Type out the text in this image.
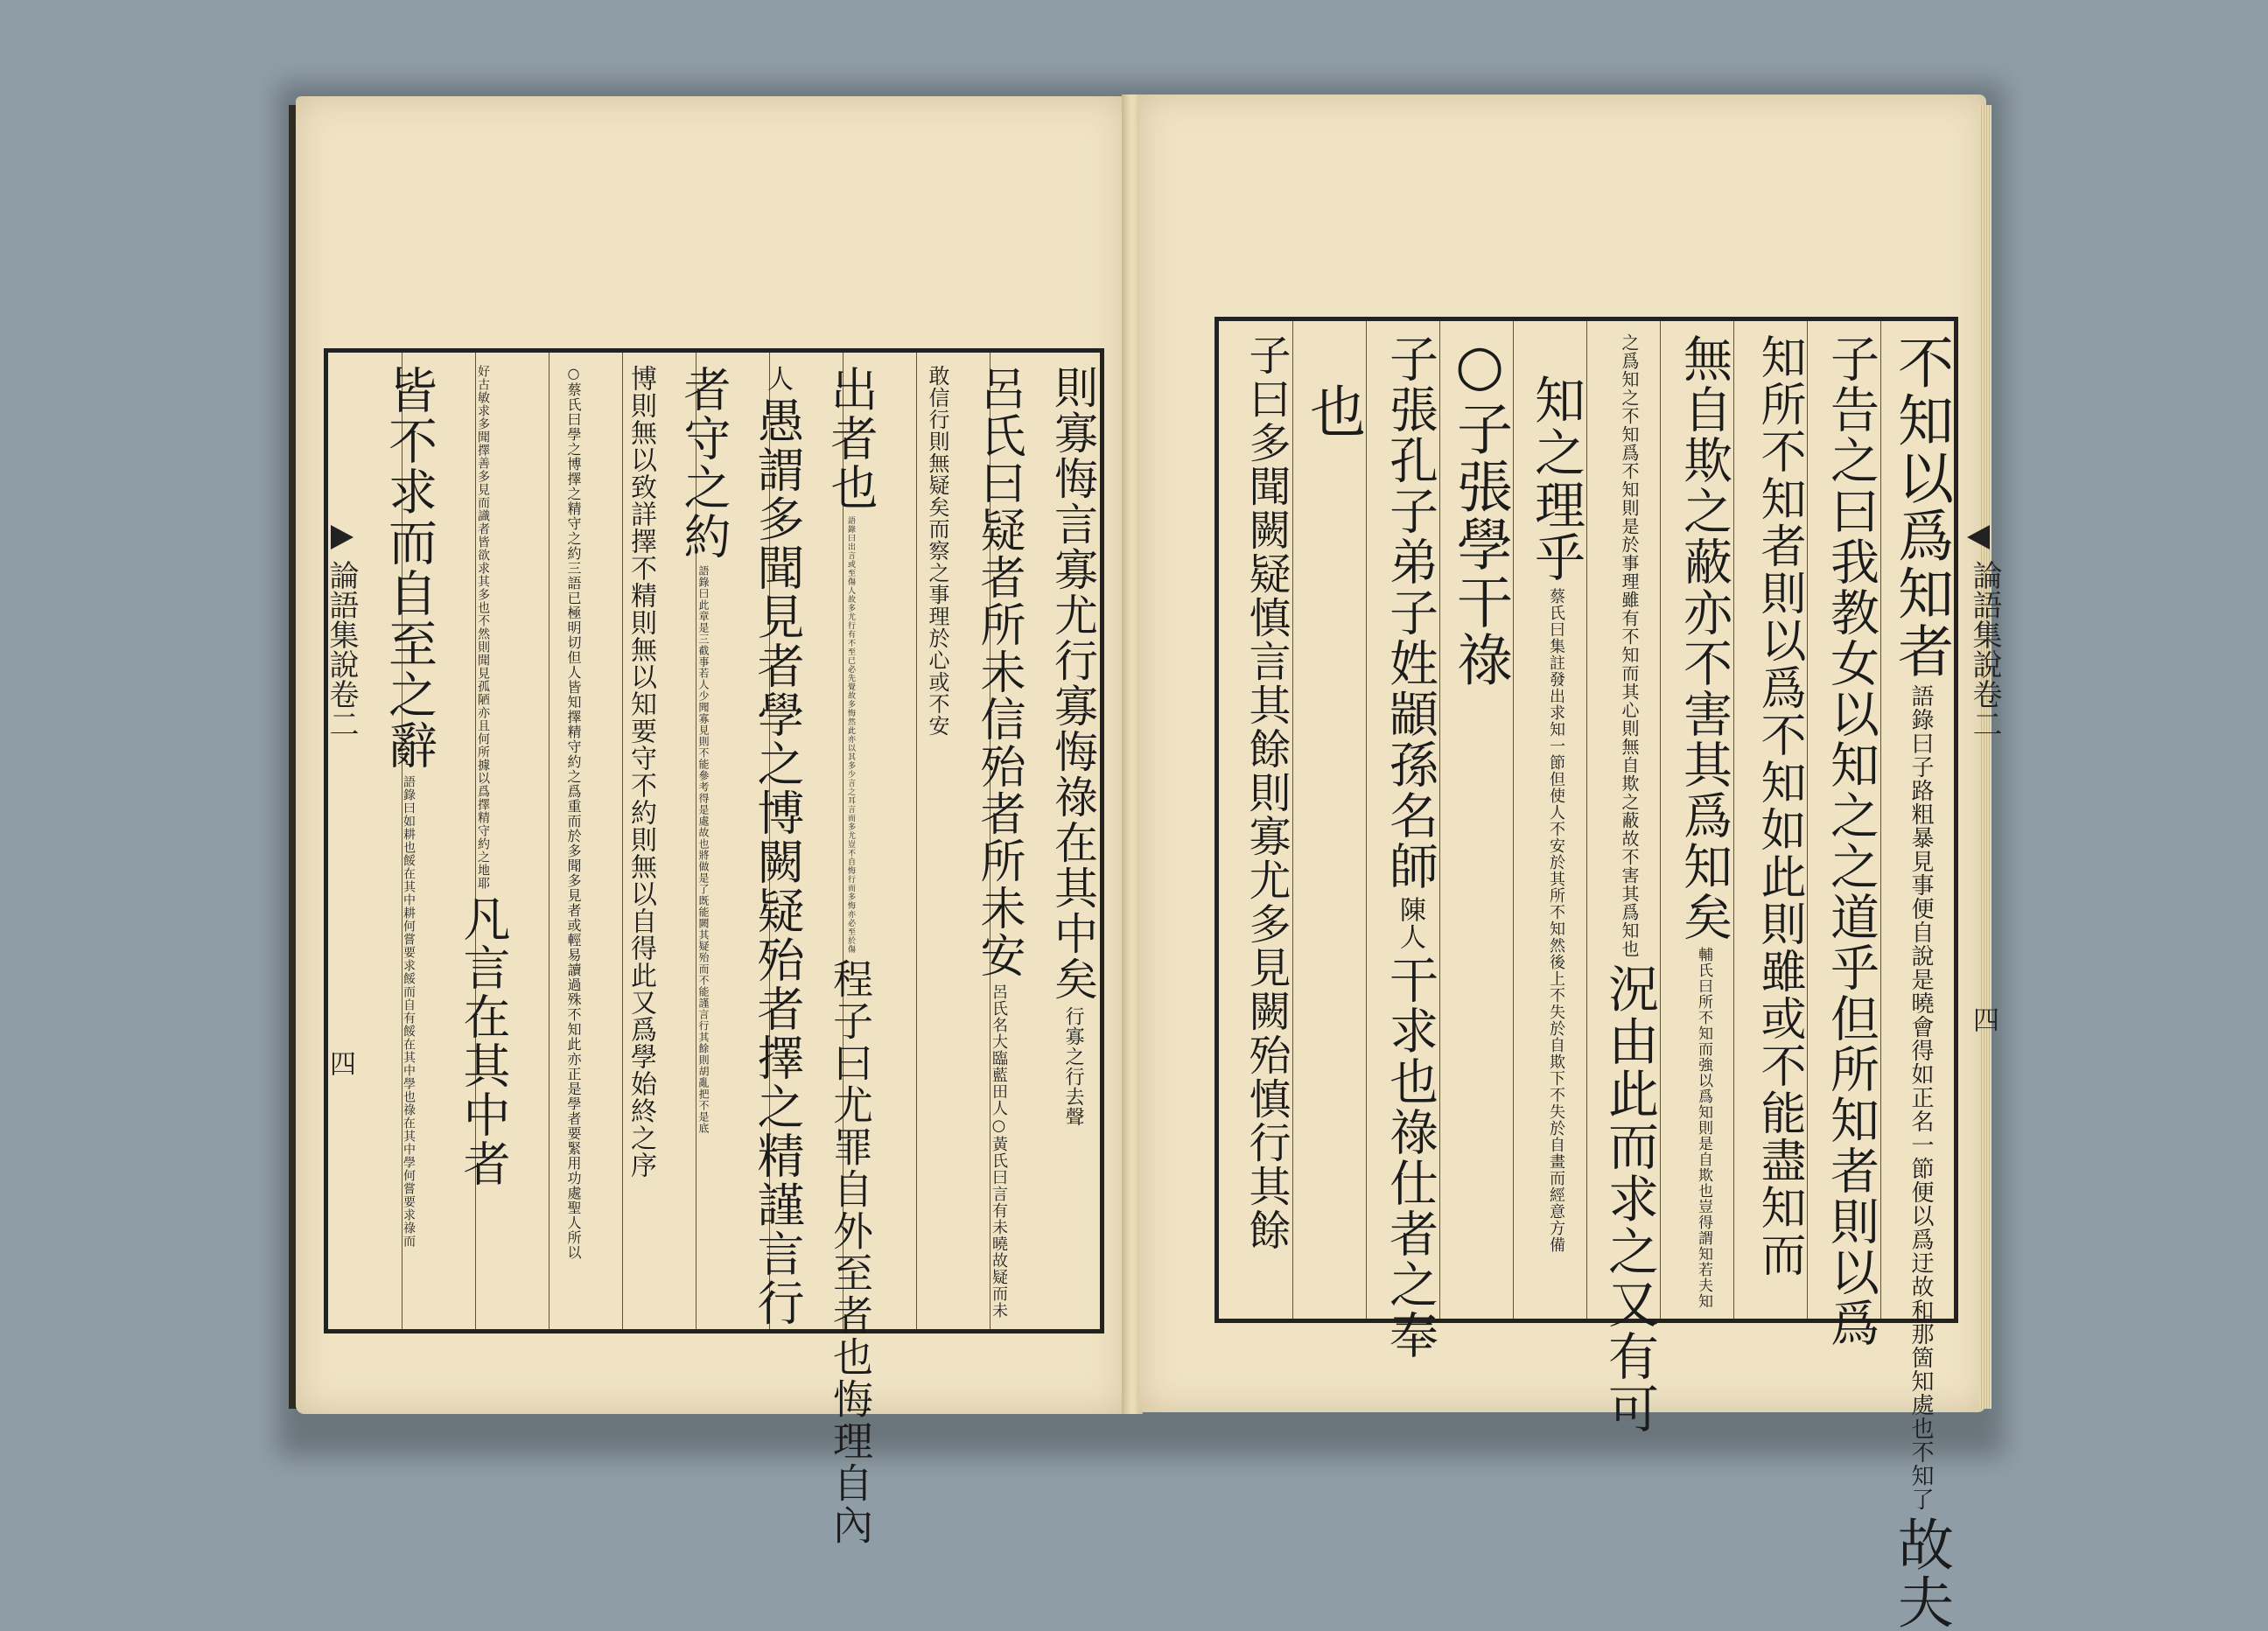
不知以爲知者 語錄曰子路粗暴見事便自說是曉會得如正名一節便以爲迂故和那箇知處也不知了 故夫
子告之曰我教女以知之之道乎但所知者則以爲
知所不知者則以爲不知如此則雖或不能盡知而
無自欺之蔽亦不害其爲知矣 輔氏曰所不知而強以爲知則是自欺也豈得謂知若夫知
之爲知之不知爲不知則是於事理雖有不知而其心則無自欺之蔽故不害其爲知也 況由此而求之又有可
知之理乎 蔡氏曰集註發出求知一節但使人不安於其所不知然後上不失於自欺下不失於自畫而經意方備
○子張學干祿
子張孔子弟子姓顓孫名師 陳人 干求也祿仕者之奉
也
子曰多聞闕疑慎言其餘則寡尤多見闕殆慎行其餘	論語集說卷二
四
則寡悔言寡尤行寡悔祿在其中矣 行寡之行去聲
呂氏曰疑者所未信殆者所未安 呂氏名大臨藍田人○黃氏曰言有未曉故疑而未
敢信行則無疑矣而察之事理於心或不安
出者也 語錄曰出言或至傷人故多尤行有不至已必先覺故多悔然此亦以其多少言之耳言而多尤豈不自悔行而多悔亦必至於傷 程子曰尤罪自外至者也悔理自內
人 愚謂多聞見者學之博闕疑殆者擇之精謹言行
者守之約 語錄曰此章是三截事若人少聞寡見則不能參考得是處故也將做是了既能闕其疑殆而不能謹言行其餘則胡亂把不是底
博則無以致詳擇不精則無以知要守不約則無以自得此又爲學始終之序
○蔡氏曰學之博擇之精守之約三語已極明切但人皆知擇精守約之爲重而於多聞多見者或輕易讀過殊不知此亦正是學者要緊用功處聖人所以
好古敏求多聞擇善多見而識者皆欲求其多也不然則聞見孤陋亦且何所據以爲擇精守約之地耶 凡言在其中者
皆不求而自至之辭 語錄曰如耕也餒在其中耕何嘗要求餒而自有餒在其中學也祿在其中學何嘗要求祿而
論語集說卷二
四
